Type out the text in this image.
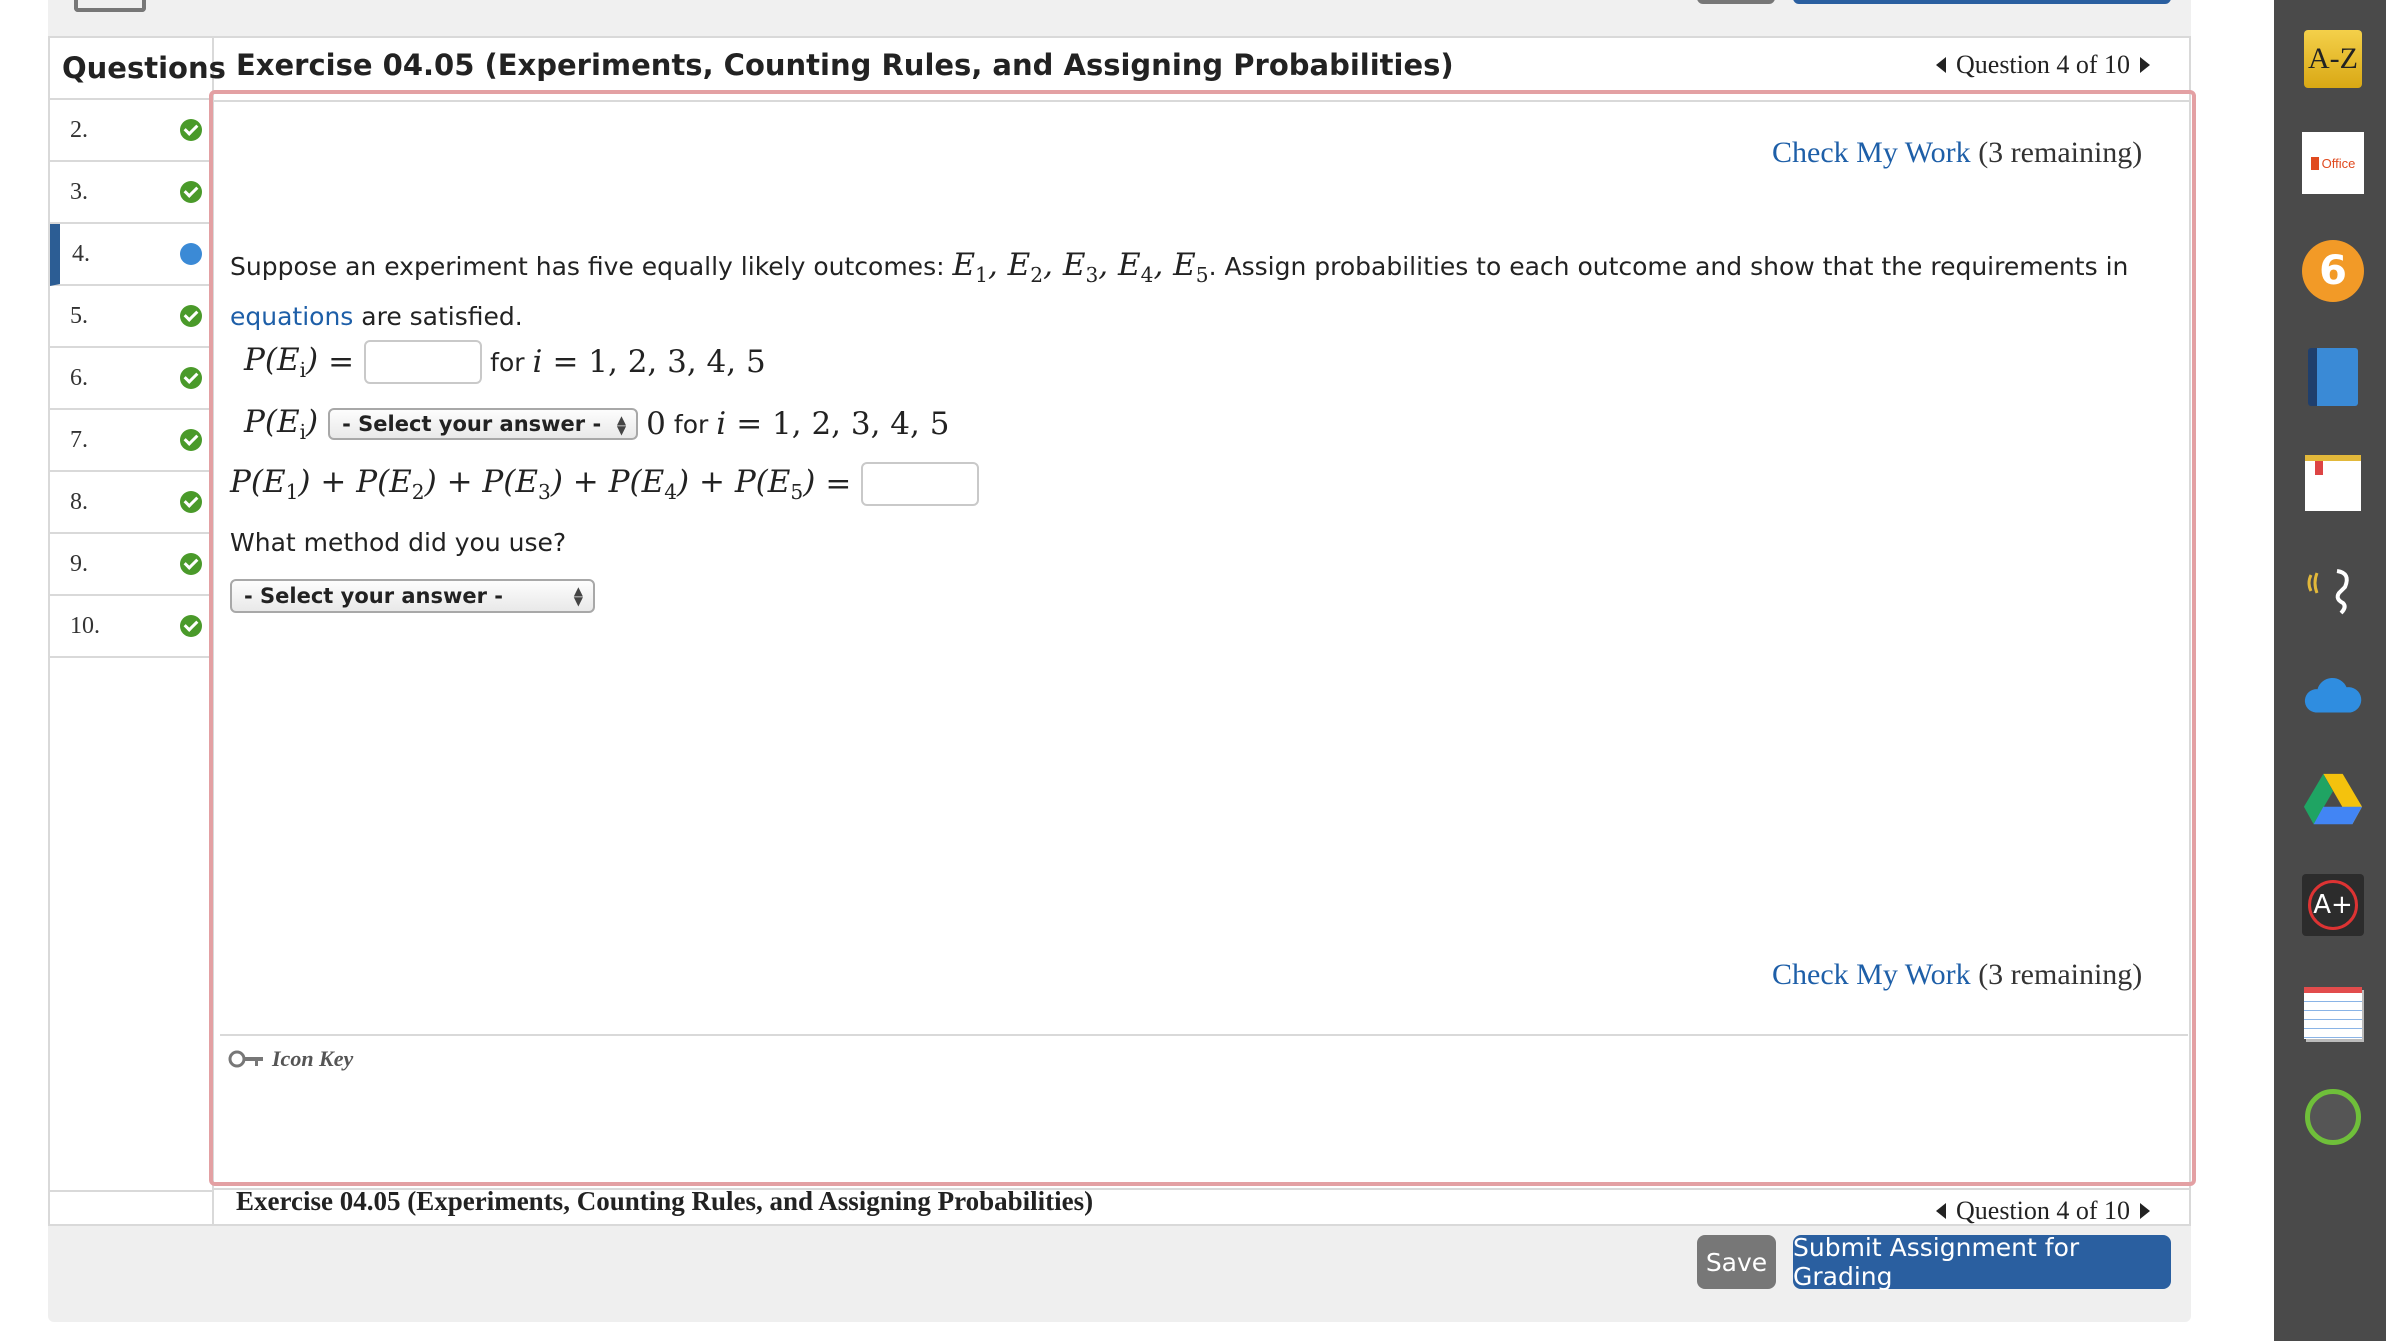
Questions
2.
3.
4.
5.
6.
7.
8.
9.
10.
Exercise 04.05 (Experiments, Counting Rules, and Assigning Probabilities)	Question 4 of 10
Check My Work (3 remaining)
Suppose an experiment has five equally likely outcomes: $E_1$, $E_2$, $E_3$, $E_4$, $E_5$. Assign probabilities to each outcome and show that the requirements in equations are satisfied.
$P(E_i)$ =	for i = 1, 2, 3, 4, 5
$P(E_i)$ - Select your answer - ▲
▼ 0 for i = 1, 2, 3, 4, 5
$P(E_1) + P(E_2) + P(E_3) + P(E_4) + P(E_5)$ =
What method did you use?
- Select your answer -	▲
▼
Check My Work (3 remaining)
Icon Key
Exercise 04.05 (Experiments, Counting Rules, and Assigning Probabilities)	Question 4 of 10
Save	Submit Assignment for Grading
A-Z
Office
6
A+
